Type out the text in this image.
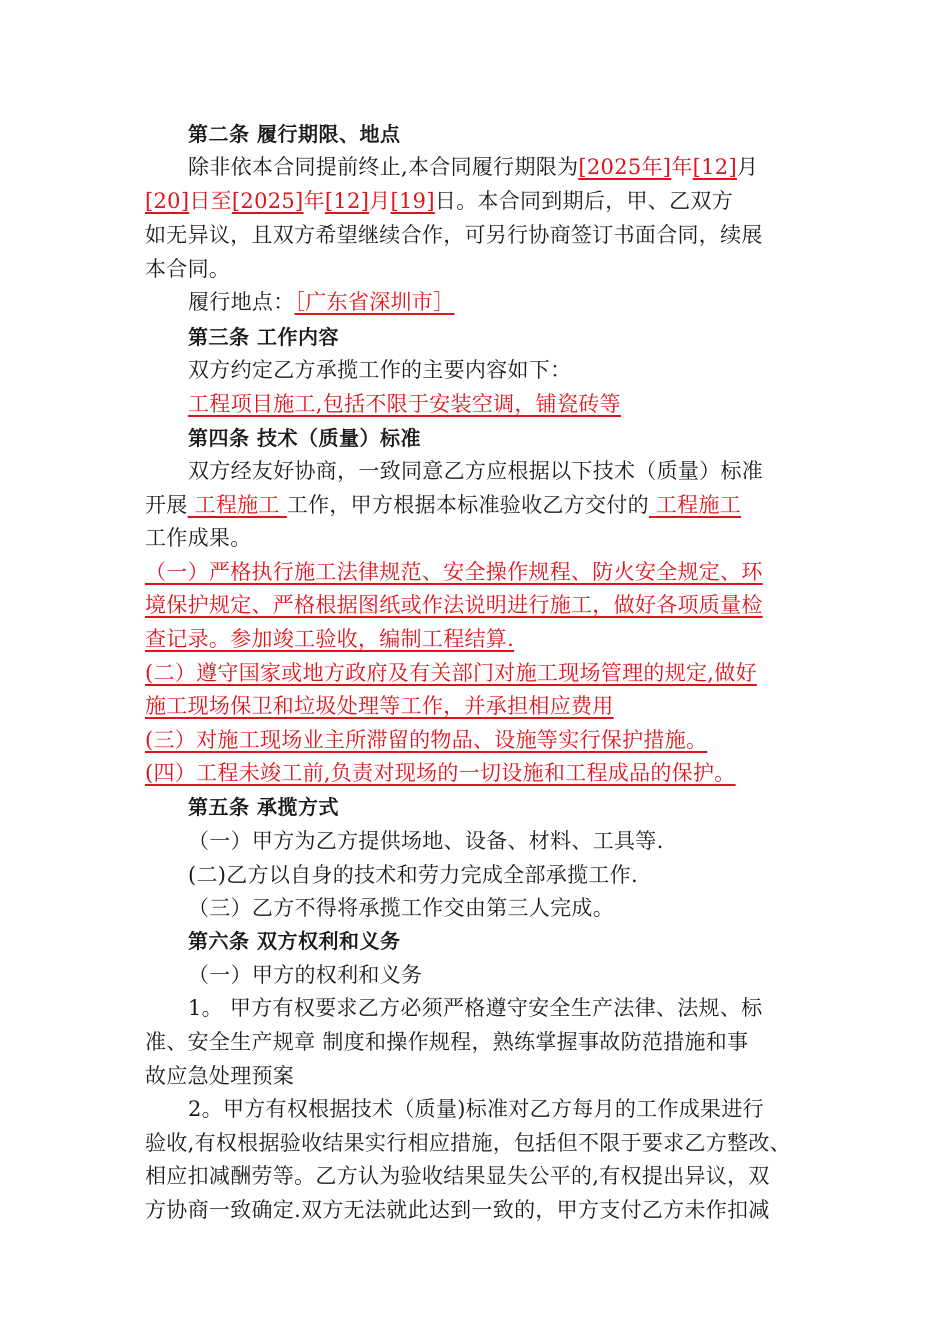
第二条 履行期限、地点
除非依本合同提前终止,本合同履行期限为[2025年]年[12]月
[20]日至[2025]年[12]月[19]日。本合同到期后，甲、乙双方
如无异议，且双方希望继续合作，可另行协商签订书面合同，续展
本合同。
履行地点：［广东省深圳市］
第三条 工作内容
双方约定乙方承揽工作的主要内容如下：
工程项目施工,包括不限于安装空调，铺瓷砖等
第四条 技术（质量）标准
双方经友好协商，一致同意乙方应根据以下技术（质量）标准
开展 工程施工 工作，甲方根据本标准验收乙方交付的 工程施工
工作成果。
（一）严格执行施工法律规范、安全操作规程、防火安全规定、环
境保护规定、严格根据图纸或作法说明进行施工，做好各项质量检
查记录。参加竣工验收，编制工程结算.
(二）遵守国家或地方政府及有关部门对施工现场管理的规定,做好
施工现场保卫和垃圾处理等工作，并承担相应费用
(三）对施工现场业主所滞留的物品、设施等实行保护措施。
(四）工程未竣工前,负责对现场的一切设施和工程成品的保护。
第五条 承揽方式
（一）甲方为乙方提供场地、设备、材料、工具等.
(二)乙方以自身的技术和劳力完成全部承揽工作.
（三）乙方不得将承揽工作交由第三人完成。
第六条 双方权利和义务
（一）甲方的权利和义务
1。 甲方有权要求乙方必须严格遵守安全生产法律、法规、标
准、安全生产规章 制度和操作规程，熟练掌握事故防范措施和事
故应急处理预案
2。甲方有权根据技术（质量)标准对乙方每月的工作成果进行
验收,有权根据验收结果实行相应措施，包括但不限于要求乙方整改、
相应扣减酬劳等。乙方认为验收结果显失公平的,有权提出异议，双
方协商一致确定.双方无法就此达到一致的，甲方支付乙方未作扣减
